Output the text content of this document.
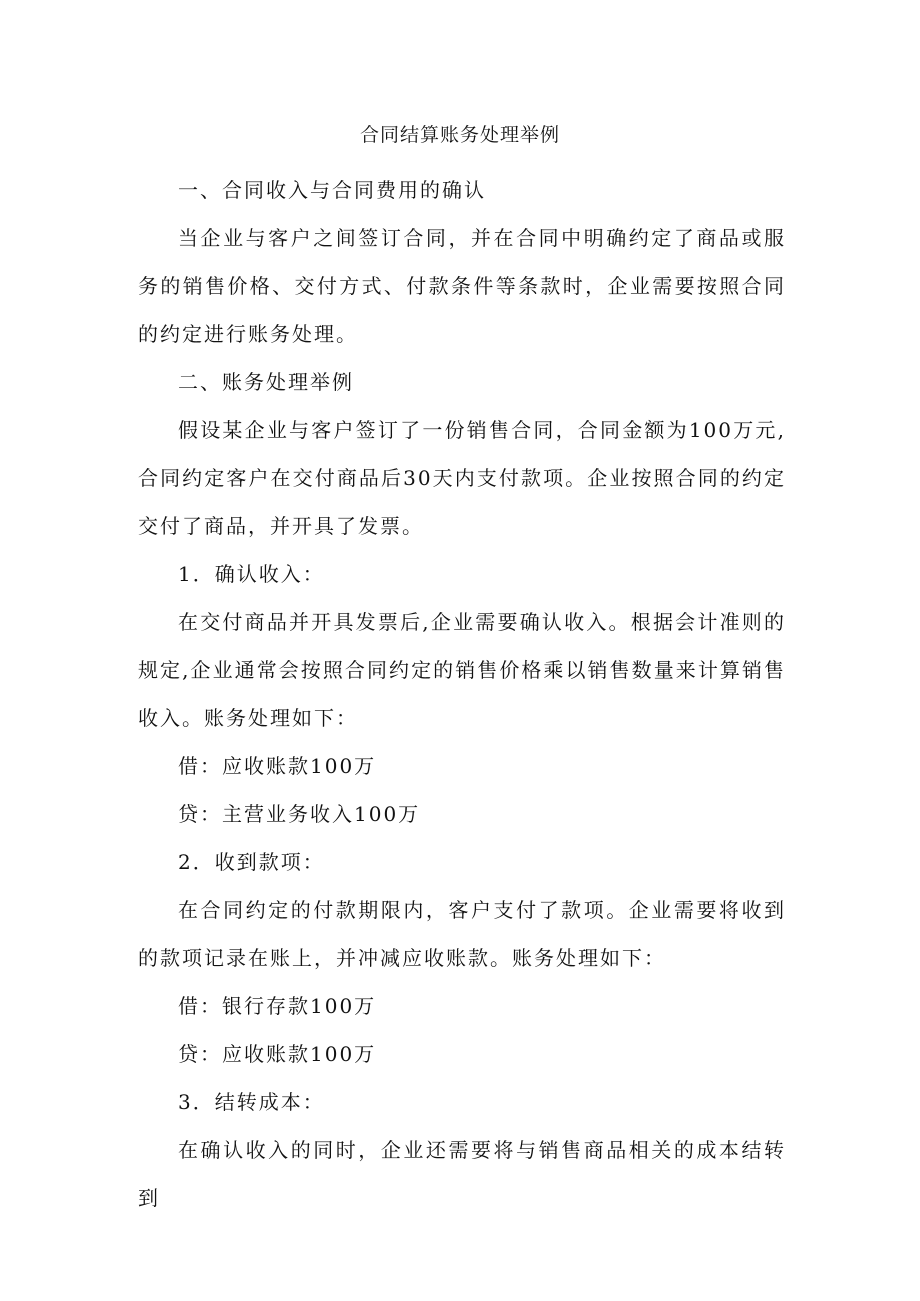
合同结算账务处理举例

一、合同收入与合同费用的确认

当企业与客户之间签订合同，并在合同中明确约定了商品或服务的销售价格、交付方式、付款条件等条款时，企业需要按照合同的约定进行账务处理。

二、账务处理举例

假设某企业与客户签订了一份销售合同，合同金额为100万元,合同约定客户在交付商品后30天内支付款项。企业按照合同的约定交付了商品，并开具了发票。

1．确认收入：

在交付商品并开具发票后,企业需要确认收入。根据会计准则的规定,企业通常会按照合同约定的销售价格乘以销售数量来计算销售收入。账务处理如下：

借：应收账款100万

贷：主营业务收入100万

2．收到款项：

在合同约定的付款期限内，客户支付了款项。企业需要将收到的款项记录在账上，并冲减应收账款。账务处理如下：

借：银行存款100万

贷：应收账款100万

3．结转成本：

在确认收入的同时，企业还需要将与销售商品相关的成本结转到
